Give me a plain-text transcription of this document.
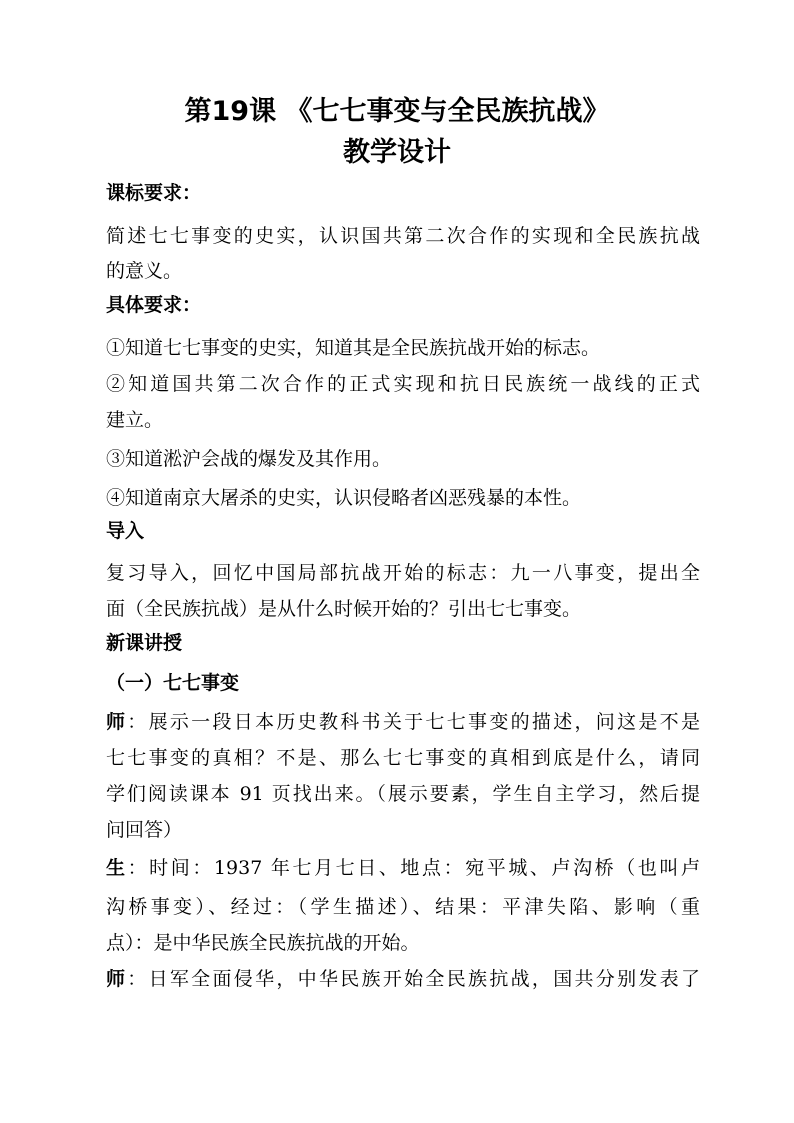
第19课 《七七事变与全民族抗战》
教学设计
课标要求：
简述七七事变的史实，认识国共第二次合作的实现和全民族抗战
的意义。
具体要求：
①知道七七事变的史实，知道其是全民族抗战开始的标志。
②知道国共第二次合作的正式实现和抗日民族统一战线的正式
建立。
③知道淞沪会战的爆发及其作用。
④知道南京大屠杀的史实，认识侵略者凶恶残暴的本性。
导入
复习导入，回忆中国局部抗战开始的标志：九一八事变，提出全
面（全民族抗战）是从什么时候开始的？引出七七事变。
新课讲授
（一）七七事变
师：展示一段日本历史教科书关于七七事变的描述，问这是不是
七七事变的真相？不是、那么七七事变的真相到底是什么，请同
学们阅读课本 91 页找出来。（展示要素，学生自主学习，然后提
问回答）
生：时间：1937 年七月七日、地点：宛平城、卢沟桥（也叫卢
沟桥事变）、经过：（学生描述）、结果：平津失陷、影响（重
点）：是中华民族全民族抗战的开始。
师：日军全面侵华，中华民族开始全民族抗战，国共分别发表了
